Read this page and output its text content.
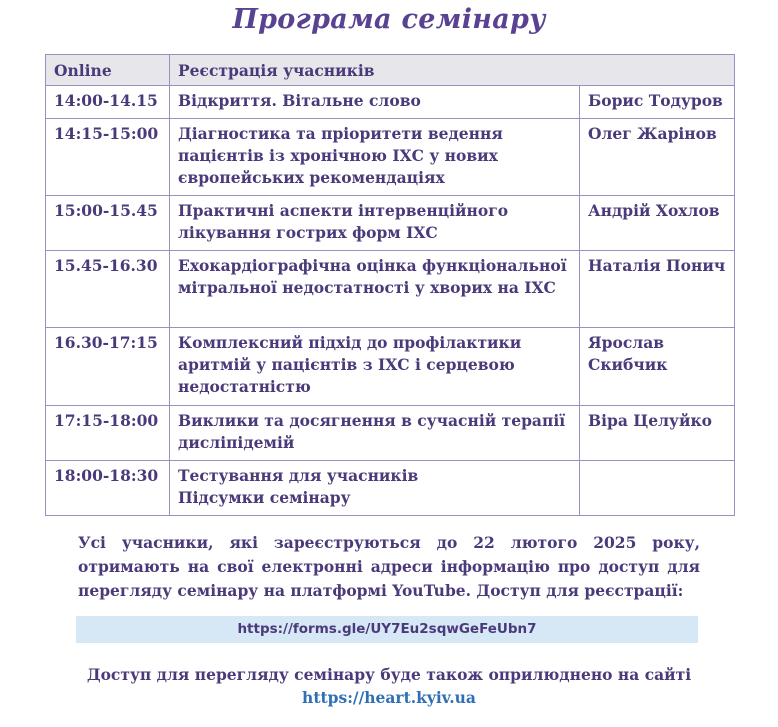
Програма семінару
Online	Реєстрація учасників	
14:00-14.15	Відкриття. Вітальне слово	Борис Тодуров
14:15-15:00	Діагностика та пріоритети ведення пацієнтів із хронічною ІХС у нових європейських рекомендаціях	Олег Жарінов
15:00-15.45	Практичні аспекти інтервенційного лікування гострих форм ІХС	Андрій Хохлов
15.45-16.30	Ехокардіографічна оцінка функціональної мітральної недостатності у хворих на ІХС	Наталія Понич
16.30-17:15	Комплексний підхід до профілактики аритмій у пацієнтів з ІХС і серцевою недостатністю	Ярослав Скибчик
17:15-18:00	Виклики та досягнення в сучасній терапії дисліпідемій	Віра Целуйко
18:00-18:30	Тестування для учасників
Підсумки семінару	

Усі учасники, які зареєструються до 22 лютого 2025 року, отримають на свої електронні адреси інформацію про доступ для перегляду семінару на платформі YouTube. Доступ для реєстрації:
https://forms.gle/UY7Eu2sqwGeFeUbn7
Доступ для перегляду семінару буде також оприлюднено на сайті
https://heart.kyiv.ua
